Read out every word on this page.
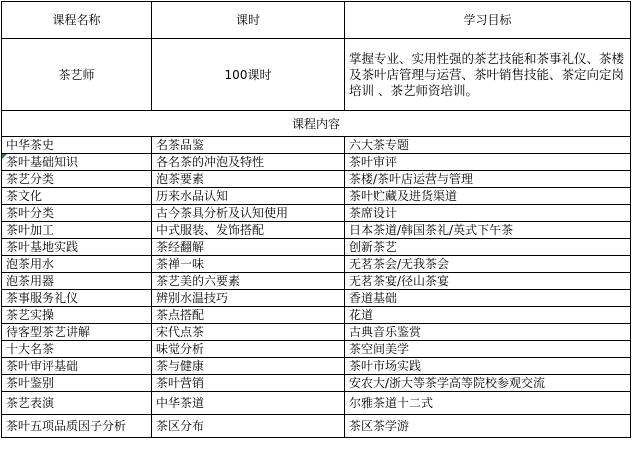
课程名称	课时	学习目标
茶艺师	100课时	掌握专业、实用性强的茶艺技能和茶事礼仪、茶楼及茶叶店管理与运营、茶叶销售技能、茶定向定岗培训 、茶艺师资培训。
课程内容		
中华茶史	名茶品鉴	六大茶专题
茶叶基础知识	各名茶的冲泡及特性	茶叶审评
茶艺分类	泡茶要素	茶楼/茶叶店运营与管理
茶文化	历来水品认知	茶叶贮藏及进货渠道
茶叶分类	古今茶具分析及认知使用	茶席设计
茶叶加工	中式服装、发饰搭配	日本茶道/韩国茶礼/英式下午茶
茶叶基地实践	茶经翻解	创新茶艺
泡茶用水	茶禅一味	无茗茶会/无我茶会
泡茶用器	茶艺美的六要素	无茗茶宴/径山茶宴
茶事服务礼仪	辨别水温技巧	香道基础
茶艺实操	茶点搭配	花道
待客型茶艺讲解	宋代点茶	古典音乐鉴赏
十大名茶	味觉分析	茶空间美学
茶叶审评基础	茶与健康	茶叶市场实践
茶叶鉴别	茶叶营销	安农大/浙大等茶学高等院校参观交流
茶艺表演	中华茶道	尔雅茶道十二式
茶叶五项品质因子分析	茶区分布	茶区茶学游
